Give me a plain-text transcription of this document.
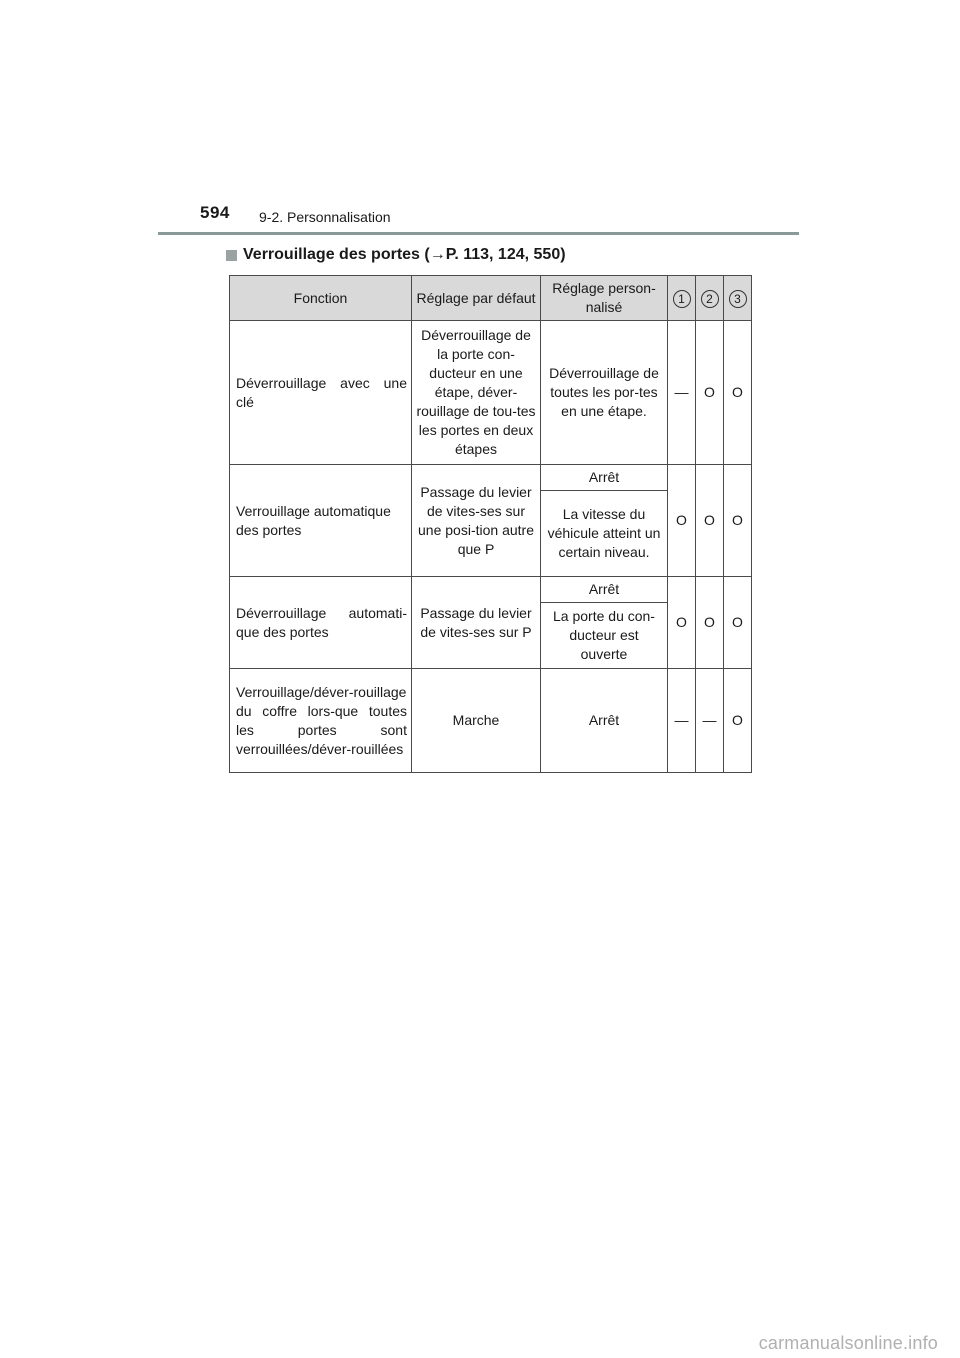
594 9-2. Personnalisation
Verrouillage des portes (→P. 113, 124, 550)
Fonction	Réglage par défaut	Réglage person-nalisé	1	2	3
Déverrouillage avec une clé	Déverrouillage de la porte con-ducteur en une étape, déver-rouillage de tou-tes les portes en deux étapes	Déverrouillage de toutes les por-tes en une étape.	—	O	O
Verrouillage automatique des portes	Passage du levier de vites-ses sur une posi-tion autre que P	Arrêt	O	O	O
		La vitesse du véhicule atteint un certain niveau.			
Déverrouillage automati-que des portes	Passage du levier de vites-ses sur P	Arrêt	O	O	O
		La porte du con-ducteur est ouverte			
Verrouillage/déver-rouillage du coffre lors-que toutes les portes sont verrouillées/déver-rouillées	Marche	Arrêt	—	—	O
carmanualsonline.info
